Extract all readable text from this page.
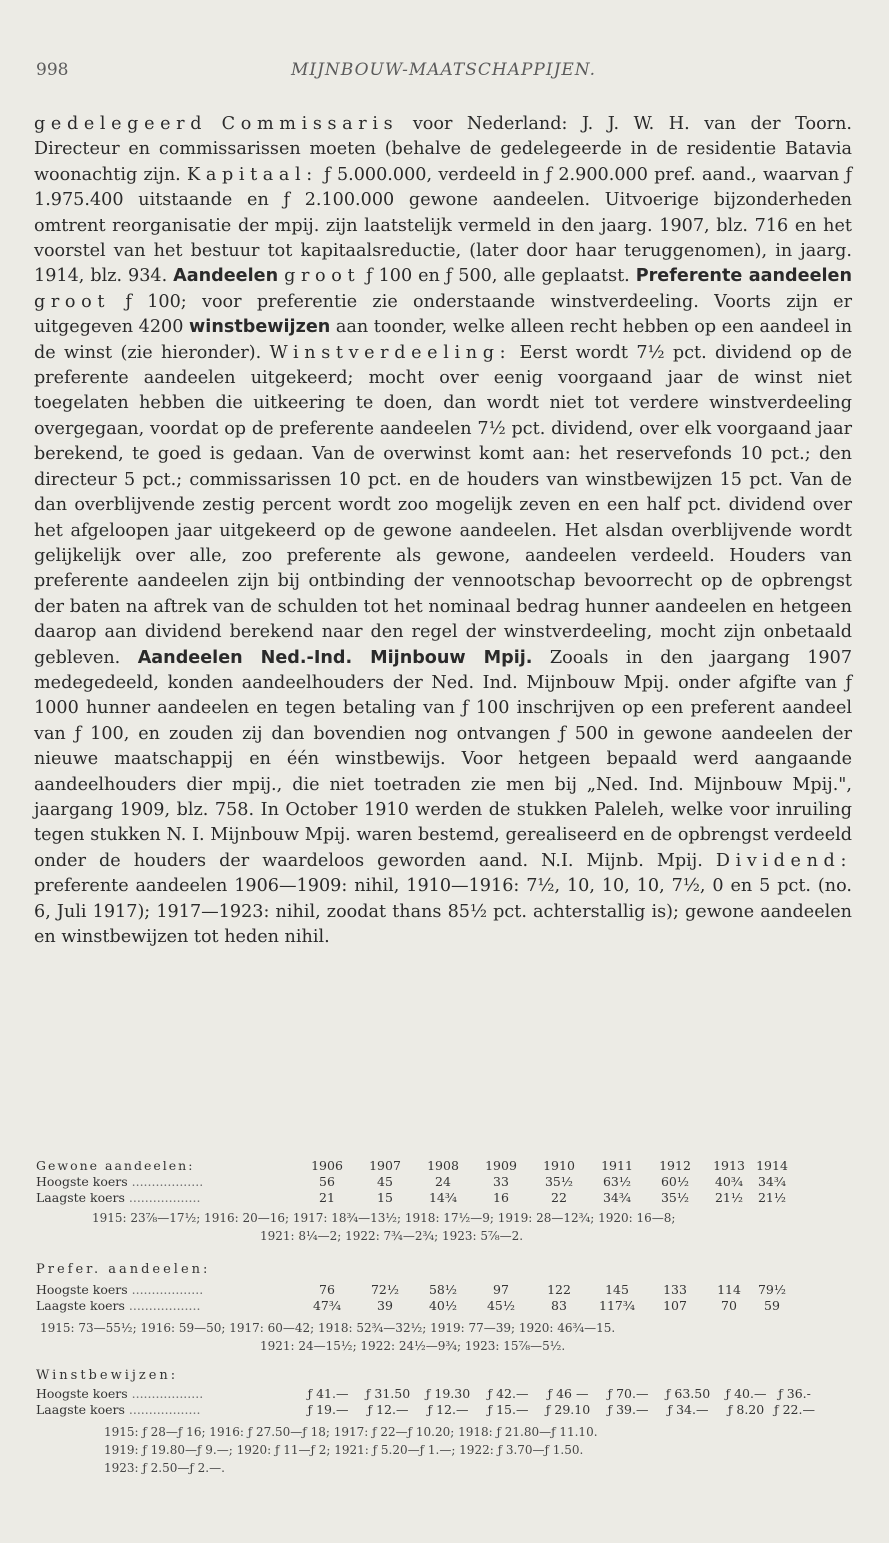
998	MIJNBOUW-MAATSCHAPPIJEN.

gedelegeerd Commissaris voor Nederland: J. J. W. H. van der Toorn. Directeur en commissarissen moeten (behalve de gedelegeerde in de residentie Batavia woonachtig zijn. Kapitaal: ƒ 5.000.000, verdeeld in ƒ 2.900.000 pref. aand., waarvan ƒ 1.975.400 uitstaande en ƒ 2.100.000 gewone aandeelen. Uitvoerige bijzonderheden omtrent reorganisatie der mpij. zijn laatstelijk vermeld in den jaarg. 1907, blz. 716 en het voorstel van het bestuur tot kapitaalsreductie, (later door haar teruggenomen), in jaarg. 1914, blz. 934. Aandeelen groot ƒ 100 en ƒ 500, alle geplaatst. Preferente aandeelen groot ƒ 100; voor preferentie zie onderstaande winstverdeeling. Voorts zijn er uitgegeven 4200 winstbewijzen aan toonder, welke alleen recht hebben op een aandeel in de winst (zie hieronder). Winstverdeeling: Eerst wordt 7½ pct. dividend op de preferente aandeelen uitgekeerd; mocht over eenig voorgaand jaar de winst niet toegelaten hebben die uitkeering te doen, dan wordt niet tot verdere winstverdeeling overgegaan, voordat op de preferente aandeelen 7½ pct. dividend, over elk voorgaand jaar berekend, te goed is gedaan. Van de overwinst komt aan: het reservefonds 10 pct.; den directeur 5 pct.; commissarissen 10 pct. en de houders van winstbewijzen 15 pct. Van de dan overblijvende zestig percent wordt zoo mogelijk zeven en een half pct. dividend over het afgeloopen jaar uitgekeerd op de gewone aandeelen. Het alsdan overblijvende wordt gelijkelijk over alle, zoo preferente als gewone, aandeelen verdeeld. Houders van preferente aandeelen zijn bij ontbinding der vennootschap bevoorrecht op de opbrengst der baten na aftrek van de schulden tot het nominaal bedrag hunner aandeelen en hetgeen daarop aan dividend berekend naar den regel der winstverdeeling, mocht zijn onbetaald gebleven. Aandeelen Ned.-Ind. Mijnbouw Mpij. Zooals in den jaargang 1907 medegedeeld, konden aandeelhouders der Ned. Ind. Mijnbouw Mpij. onder afgifte van ƒ 1000 hunner aandeelen en tegen betaling van ƒ 100 inschrijven op een preferent aandeel van ƒ 100, en zouden zij dan bovendien nog ontvangen ƒ 500 in gewone aandeelen der nieuwe maatschappij en één winstbewijs. Voor hetgeen bepaald werd aangaande aandeelhouders dier mpij., die niet toetraden zie men bij „Ned. Ind. Mijnbouw Mpij.", jaargang 1909, blz. 758. In October 1910 werden de stukken Paleleh, welke voor inruiling tegen stukken N. I. Mijnbouw Mpij. waren bestemd, gerealiseerd en de opbrengst verdeeld onder de houders der waardeloos geworden aand. N.I. Mijnb. Mpij. Dividend: preferente aandeelen 1906—1909: nihil, 1910—1916: 7½, 10, 10, 10, 7½, 0 en 5 pct. (no. 6, Juli 1917); 1917—1923: nihil, zoodat thans 85½ pct. achterstallig is); gewone aandeelen en winstbewijzen tot heden nihil.

Gewone aandeelen:	1906	1907	1908	1909	1910	1911	1912	1913	1914
Hoogste koers ..................	56	45	24	33	35½	63½	60½	40¾	34¾
Laagste koers ..................	21	15	14¾	16	22	34¾	35½	21½	21½
1915: 23⅞—17½; 1916: 20—16; 1917: 18¾—13½; 1918: 17½—9; 1919: 28—12¾; 1920: 16—8;
1921: 8¼—2; 1922: 7¾—2¾; 1923: 5⅞—2.
Prefer. aandeelen:
Hoogste koers ..................	76	72½	58½	97	122	145	133	114	79½
Laagste koers ..................	47¾	39	40½	45½	83	117¾	107	70	59
1915: 73—55½; 1916: 59—50; 1917: 60—42; 1918: 52¾—32½; 1919: 77—39; 1920: 46¾—15.
1921: 24—15½; 1922: 24½—9¾; 1923: 15⅞—5½.
Winstbewijzen:
Hoogste koers ..................	ƒ 41.—	ƒ 31.50	ƒ 19.30	ƒ 42.—	ƒ 46 —	ƒ 70.—	ƒ 63.50	ƒ 40.—	ƒ 36.-
Laagste koers ..................	ƒ 19.—	ƒ 12.—	ƒ 12.—	ƒ 15.—	ƒ 29.10	ƒ 39.—	ƒ 34.—	ƒ 8.20	ƒ 22.—
1915: ƒ 28—ƒ 16; 1916: ƒ 27.50—ƒ 18; 1917: ƒ 22—ƒ 10.20; 1918: ƒ 21.80—ƒ 11.10.
1919: ƒ 19.80—ƒ 9.—; 1920: ƒ 11—ƒ 2; 1921: ƒ 5.20—ƒ 1.—; 1922: ƒ 3.70—ƒ 1.50.
1923: ƒ 2.50—ƒ 2.—.
